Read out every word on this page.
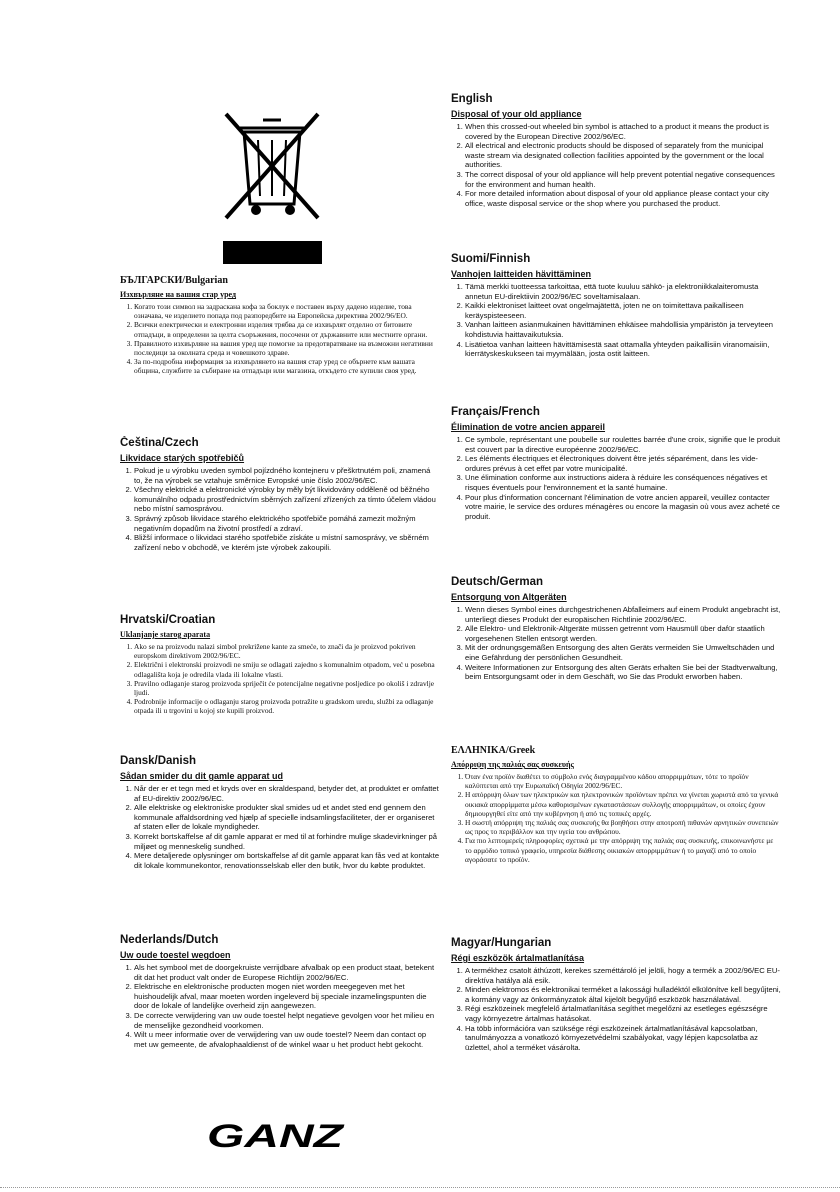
БЪЛГАРСКИ/Bulgarian

Изхвърляне на вашия стар уред

1. Когато този символ на задраскана кофа за боклук е поставен върху дадено изделие, това означава, че изделието попада под разпоредбите на Европейска директива 2002/96/EO.
2. Всички електрически и електронни изделия трябва да се изхвърлят отделно от битовите отпадъци, в определени за целта съоръжения, посочени от държавните или местните органи.
3. Правилното изхвърляне на вашия уред ще помогне за предотвратяване на възможни негативни последици за околната среда и човешкото здраве.
4. За по-подробна информация за изхвърлянето на вашия стар уред се обърнете към вашата община, службите за събиране на отпадъци или магазина, откъдето сте купили своя уред.

Čeština/Czech

Likvidace starých spotřebičů

1. Pokud je u výrobku uveden symbol pojízdného kontejneru v přeškrtnutém poli, znamená to, že na výrobek se vztahuje směrnice Evropské unie číslo 2002/96/EC.
2. Všechny elektrické a elektronické výrobky by měly být likvidovány odděleně od běžného komunálního odpadu prostřednictvím sběrných zařízení zřízených za tímto účelem vládou nebo místní samosprávou.
3. Správný způsob likvidace starého elektrického spotřebiče pomáhá zamezit možným negativním dopadům na životní prostředí a zdraví.
4. Bližší informace o likvidaci starého spotřebiče získáte u místní samosprávy, ve sběrném zařízení nebo v obchodě, ve kterém jste výrobek zakoupili.

Hrvatski/Croatian

Uklanjanje starog aparata

1. Ako se na proizvodu nalazi simbol prekrižene kante za smeće, to znači da je proizvod pokriven europskom direktivom 2002/96/EC.
2. Električni i elektronski proizvodi ne smiju se odlagati zajedno s komunalnim otpadom, već u posebna odlagališta koja je odredila vlada ili lokalne vlasti.
3. Pravilno odlaganje starog proizvoda spriječit će potencijalne negativne posljedice po okoliš i zdravlje ljudi.
4. Podrobnije informacije o odlaganju starog proizvoda potražite u gradskom uredu, službi za odlaganje otpada ili u trgovini u kojoj ste kupili proizvod.

Dansk/Danish

Sådan smider du dit gamle apparat ud

1. Når der er et tegn med et kryds over en skraldespand, betyder det, at produktet er omfattet af EU-direktiv 2002/96/EC.
2. Alle elektriske og elektroniske produkter skal smides ud et andet sted end gennem den kommunale affaldsordning ved hjælp af specielle indsamlingsfaciliteter, der er organiseret af staten eller de lokale myndigheder.
3. Korrekt bortskaffelse af dit gamle apparat er med til at forhindre mulige skadevirkninger på miljøet og menneskelig sundhed.
4. Mere detaljerede oplysninger om bortskaffelse af dit gamle apparat kan fås ved at kontakte dit lokale kommunekontor, renovationsselskab eller den butik, hvor du købte produktet.

Nederlands/Dutch

Uw oude toestel wegdoen

1. Als het symbool met de doorgekruiste verrijdbare afvalbak op een product staat, betekent dit dat het product valt onder de Europese Richtlijn 2002/96/EC.
2. Elektrische en elektronische producten mogen niet worden meegegeven met het huishoudelijk afval, maar moeten worden ingeleverd bij speciale inzamelingspunten die door de lokale of landelijke overheid zijn aangewezen.
3. De correcte verwijdering van uw oude toestel helpt negatieve gevolgen voor het milieu en de menselijke gezondheid voorkomen.
4. Wilt u meer informatie over de verwijdering van uw oude toestel? Neem dan contact op met uw gemeente, de afvalophaaldienst of de winkel waar u het product hebt gekocht.
GANZ

English

Disposal of your old appliance

1. When this crossed-out wheeled bin symbol is attached to a product it means the product is covered by the European Directive 2002/96/EC.
2. All electrical and electronic products should be disposed of separately from the municipal waste stream via designated collection facilities appointed by the government or the local authorities.
3. The correct disposal of your old appliance will help prevent potential negative consequences for the environment and human health.
4. For more detailed information about disposal of your old appliance please contact your city office, waste disposal service or the shop where you purchased the product.

Suomi/Finnish

Vanhojen laitteiden hävittäminen

1. Tämä merkki tuotteessa tarkoittaa, että tuote kuuluu sähkö- ja elektroniikkalaiteromusta annetun EU-direktiivin 2002/96/EC soveltamisalaan.
2. Kaikki elektroniset laitteet ovat ongelmajätettä, joten ne on toimitettava paikalliseen keräyspisteeseen.
3. Vanhan laitteen asianmukainen hävittäminen ehkäisee mahdollisia ympäristön ja terveyteen kohdistuvia haittavaikutuksia.
4. Lisätietoa vanhan laitteen hävittämisestä saat ottamalla yhteyden paikallisiin viranomaisiin, kierrätyskeskukseen tai myymälään, josta ostit laitteen.

Français/French

Élimination de votre ancien appareil

1. Ce symbole, représentant une poubelle sur roulettes barrée d'une croix, signifie que le produit est couvert par la directive européenne 2002/96/EC.
2. Les éléments électriques et électroniques doivent être jetés séparément, dans les vide-ordures prévus à cet effet par votre municipalité.
3. Une élimination conforme aux instructions aidera à réduire les conséquences négatives et risques éventuels pour l'environnement et la santé humaine.
4. Pour plus d'information concernant l'élimination de votre ancien appareil, veuillez contacter votre mairie, le service des ordures ménagères ou encore la magasin où vous avez acheté ce produit.

Deutsch/German

Entsorgung von Altgeräten

1. Wenn dieses Symbol eines durchgestrichenen Abfalleimers auf einem Produkt angebracht ist, unterliegt dieses Produkt der europäischen Richtlinie 2002/96/EC.
2. Alle Elektro- und Elektronik-Altgeräte müssen getrennt vom Hausmüll über dafür staatlich vorgesehenen Stellen entsorgt werden.
3. Mit der ordnungsgemäßen Entsorgung des alten Geräts vermeiden Sie Umweltschäden und eine Gefährdung der persönlichen Gesundheit.
4. Weitere Informationen zur Entsorgung des alten Geräts erhalten Sie bei der Stadtverwaltung, beim Entsorgungsamt oder in dem Geschäft, wo Sie das Produkt erworben haben.

ΕΛΛΗΝΙΚΑ/Greek

Απόρριψη της παλιάς σας συσκευής

1. Όταν ένα προϊόν διαθέτει το σύμβολο ενός διαγραμμένου κάδου απορριμμάτων, τότε το προϊόν καλύπτεται από την Ευρωπαϊκή Οδηγία 2002/96/EC.
2. Η απόρριψη όλων των ηλεκτρικών και ηλεκτρονικών προϊόντων πρέπει να γίνεται χωριστά από τα γενικά οικιακά απορρίμματα μέσω καθορισμένων εγκαταστάσεων συλλογής απορριμμάτων, οι οποίες έχουν δημιουργηθεί είτε από την κυβέρνηση ή από τις τοπικές αρχές.
3. Η σωστή απόρριψη της παλιάς σας συσκευής θα βοηθήσει στην αποτροπή πιθανών αρνητικών συνεπειών ως προς το περιβάλλον και την υγεία του ανθρώπου.
4. Για πιο λεπτομερείς πληροφορίες σχετικά με την απόρριψη της παλιάς σας συσκευής, επικοινωνήστε με το αρμόδιο τοπικό γραφείο, υπηρεσία διάθεσης οικιακών απορριμμάτων ή το μαγαζί από το οποίο αγοράσατε το προϊόν.

Magyar/Hungarian

Régi eszközök ártalmatlanítása

1. A termékhez csatolt áthúzott, kerekes szeméttároló jel jelöli, hogy a termék a 2002/96/EC EU-direktíva hatálya alá esik.
2. Minden elektromos és elektronikai terméket a lakossági hulladéktól elkülönítve kell begyűjteni, a kormány vagy az önkormányzatok által kijelölt begyűjtő eszközök használatával.
3. Régi eszközeinek megfelelő ártalmatlanítása segíthet megelőzni az esetleges egészségre vagy környezetre ártalmas hatásokat.
4. Ha több információra van szüksége régi eszközeinek ártalmatlanításával kapcsolatban, tanulmányozza a vonatkozó környezetvédelmi szabályokat, vagy lépjen kapcsolatba az üzlettel, ahol a terméket vásárolta.
